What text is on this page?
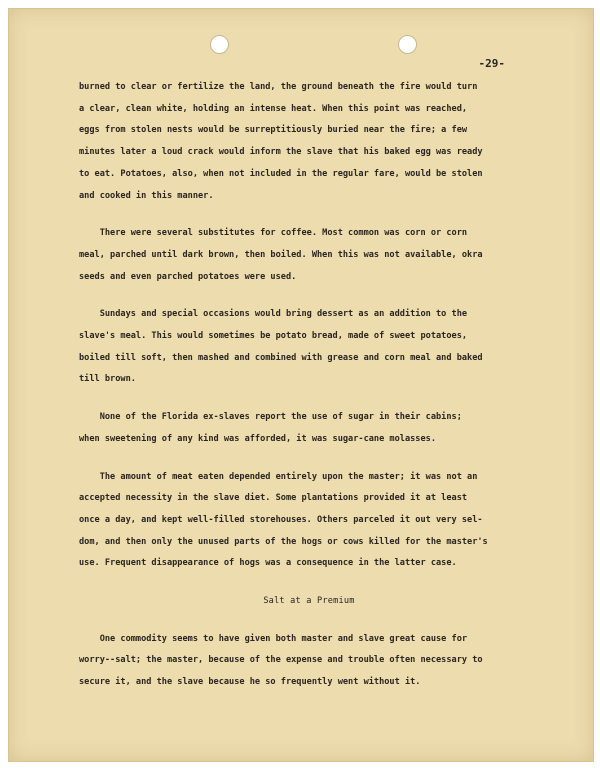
-29-

burned to clear or fertilize the land, the ground beneath the fire would turn
a clear, clean white, holding an intense heat. When this point was reached,
eggs from stolen nests would be surreptitiously buried near the fire; a few
minutes later a loud crack would inform the slave that his baked egg was ready
to eat. Potatoes, also, when not included in the regular fare, would be stolen
and cooked in this manner.

There were several substitutes for coffee. Most common was corn or corn
meal, parched until dark brown, then boiled. When this was not available, okra
seeds and even parched potatoes were used.

Sundays and special occasions would bring dessert as an addition to the
slave's meal. This would sometimes be potato bread, made of sweet potatoes,
boiled till soft, then mashed and combined with grease and corn meal and baked
till brown.

None of the Florida ex-slaves report the use of sugar in their cabins;
when sweetening of any kind was afforded, it was sugar-cane molasses.

The amount of meat eaten depended entirely upon the master; it was not an
accepted necessity in the slave diet. Some plantations provided it at least
once a day, and kept well-filled storehouses. Others parceled it out very sel-
dom, and then only the unused parts of the hogs or cows killed for the master's
use. Frequent disappearance of hogs was a consequence in the latter case.

Salt at a Premium

One commodity seems to have given both master and slave great cause for
worry--salt; the master, because of the expense and trouble often necessary to
secure it, and the slave because he so frequently went without it.
